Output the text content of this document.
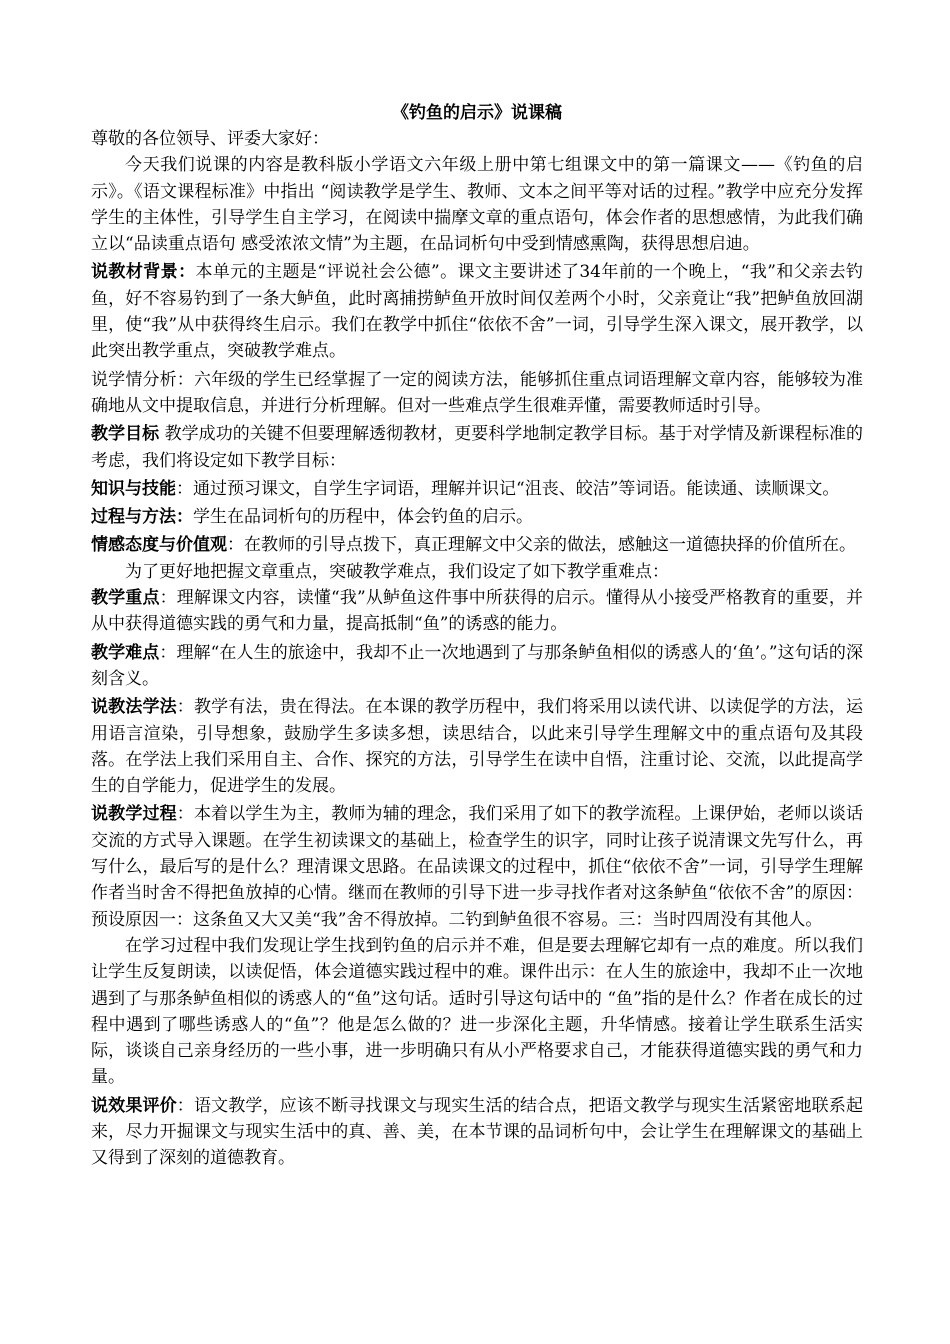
《钓鱼的启示》说课稿

尊敬的各位领导、评委大家好：

今天我们说课的内容是教科版小学语文六年级上册中第七组课文中的第一篇课文——《钓鱼的启示》。《语文课程标准》中指出 “阅读教学是学生、教师、文本之间平等对话的过程。”教学中应充分发挥学生的主体性，引导学生自主学习，在阅读中揣摩文章的重点语句，体会作者的思想感情，为此我们确立以“品读重点语句 感受浓浓文情”为主题，在品词析句中受到情感熏陶，获得思想启迪。

说教材背景：本单元的主题是“评说社会公德”。课文主要讲述了34年前的一个晚上，“我”和父亲去钓鱼，好不容易钓到了一条大鲈鱼，此时离捕捞鲈鱼开放时间仅差两个小时，父亲竟让“我”把鲈鱼放回湖里，使“我”从中获得终生启示。我们在教学中抓住“依依不舍”一词，引导学生深入课文，展开教学，以此突出教学重点，突破教学难点。

说学情分析：六年级的学生已经掌握了一定的阅读方法，能够抓住重点词语理解文章内容，能够较为准确地从文中提取信息，并进行分析理解。但对一些难点学生很难弄懂，需要教师适时引导。

教学目标 教学成功的关键不但要理解透彻教材，更要科学地制定教学目标。基于对学情及新课程标准的考虑，我们将设定如下教学目标：

知识与技能：通过预习课文，自学生字词语，理解并识记“沮丧、皎洁”等词语。能读通、读顺课文。

过程与方法：学生在品词析句的历程中，体会钓鱼的启示。

情感态度与价值观：在教师的引导点拨下，真正理解文中父亲的做法，感触这一道德抉择的价值所在。

为了更好地把握文章重点，突破教学难点，我们设定了如下教学重难点：

教学重点：理解课文内容，读懂“我”从鲈鱼这件事中所获得的启示。懂得从小接受严格教育的重要，并从中获得道德实践的勇气和力量，提高抵制“鱼”的诱惑的能力。

教学难点：理解“在人生的旅途中，我却不止一次地遇到了与那条鲈鱼相似的诱惑人的‘鱼’。”这句话的深刻含义。

说教法学法：教学有法，贵在得法。在本课的教学历程中，我们将采用以读代讲、以读促学的方法，运用语言渲染，引导想象，鼓励学生多读多想，读思结合，以此来引导学生理解文中的重点语句及其段落。在学法上我们采用自主、合作、探究的方法，引导学生在读中自悟，注重讨论、交流，以此提高学生的自学能力，促进学生的发展。

说教学过程：本着以学生为主，教师为辅的理念，我们采用了如下的教学流程。上课伊始，老师以谈话交流的方式导入课题。在学生初读课文的基础上，检查学生的识字，同时让孩子说清课文先写什么，再写什么，最后写的是什么？理清课文思路。在品读课文的过程中，抓住“依依不舍”一词，引导学生理解作者当时舍不得把鱼放掉的心情。继而在教师的引导下进一步寻找作者对这条鲈鱼“依依不舍”的原因：预设原因一：这条鱼又大又美“我”舍不得放掉。二钓到鲈鱼很不容易。三：当时四周没有其他人。

在学习过程中我们发现让学生找到钓鱼的启示并不难，但是要去理解它却有一点的难度。所以我们让学生反复朗读，以读促悟，体会道德实践过程中的难。课件出示：在人生的旅途中，我却不止一次地遇到了与那条鲈鱼相似的诱惑人的“鱼”这句话。适时引导这句话中的 “鱼”指的是什么？作者在成长的过程中遇到了哪些诱惑人的“鱼”？他是怎么做的？进一步深化主题，升华情感。接着让学生联系生活实际，谈谈自己亲身经历的一些小事，进一步明确只有从小严格要求自己，才能获得道德实践的勇气和力量。

说效果评价：语文教学，应该不断寻找课文与现实生活的结合点，把语文教学与现实生活紧密地联系起来，尽力开掘课文与现实生活中的真、善、美，在本节课的品词析句中，会让学生在理解课文的基础上又得到了深刻的道德教育。
